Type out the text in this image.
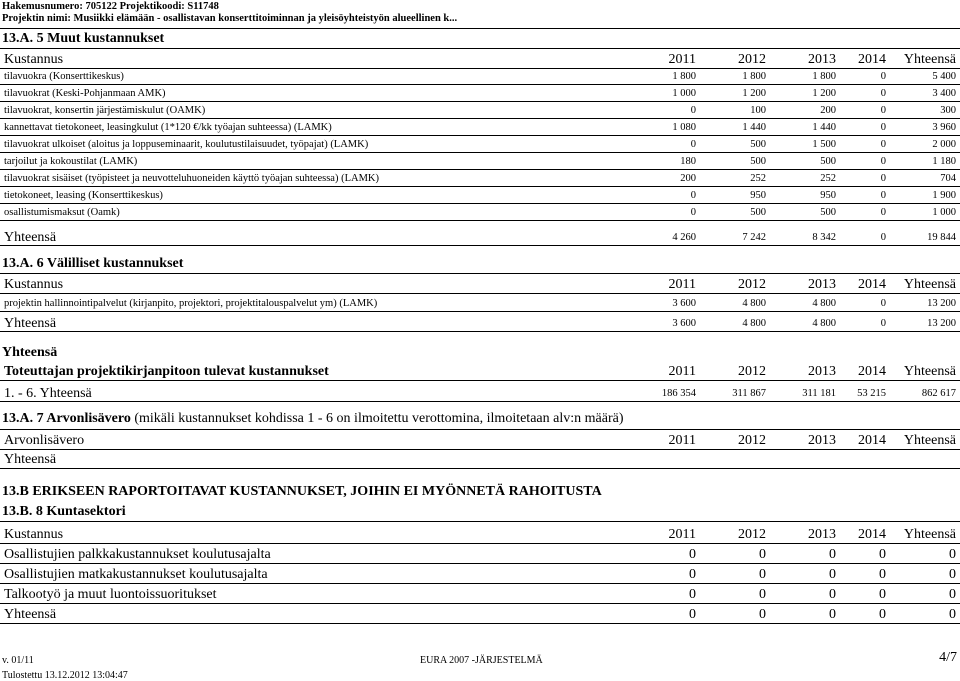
Hakemusnumero: 705122 Projektikoodi: S11748
Projektin nimi: Musiikki elämään - osallistavan konserttitoiminnan ja yleisöyhteistyön alueellinen k...
13.A. 5 Muut kustannukset
Kustannus	2011	2012	2013	2014	Yhteensä
tilavuokra (Konserttikeskus)	1 800	1 800	1 800	0	5 400
tilavuokrat (Keski-Pohjanmaan AMK)	1 000	1 200	1 200	0	3 400
tilavuokrat, konsertin järjestämiskulut (OAMK)	0	100	200	0	300
kannettavat tietokoneet, leasingkulut (1*120 €/kk työajan suhteessa) (LAMK)	1 080	1 440	1 440	0	3 960
tilavuokrat ulkoiset (aloitus ja loppuseminaarit, koulutustilaisuudet, työpajat) (LAMK)	0	500	1 500	0	2 000
tarjoilut ja kokoustilat (LAMK)	180	500	500	0	1 180
tilavuokrat sisäiset (työpisteet ja neuvotteluhuoneiden käyttö työajan suhteessa) (LAMK)	200	252	252	0	704
tietokoneet, leasing (Konserttikeskus)	0	950	950	0	1 900
osallistumismaksut (Oamk)	0	500	500	0	1 000
Yhteensä	4 260	7 242	8 342	0	19 844
13.A. 6 Välilliset kustannukset
Kustannus	2011	2012	2013	2014	Yhteensä
projektin hallinnointipalvelut (kirjanpito, projektori, projektitalouspalvelut ym) (LAMK)	3 600	4 800	4 800	0	13 200
Yhteensä	3 600	4 800	4 800	0	13 200
Yhteensä
Toteuttajan projektikirjanpitoon tulevat kustannukset	2011	2012	2013	2014	Yhteensä
1. - 6. Yhteensä	186 354	311 867	311 181	53 215	862 617
13.A. 7 Arvonlisävero (mikäli kustannukset kohdissa 1 - 6 on ilmoitettu verottomina, ilmoitetaan alv:n määrä)
Arvonlisävero	2011	2012	2013	2014	Yhteensä
Yhteensä					
13.B ERIKSEEN RAPORTOITAVAT KUSTANNUKSET, JOIHIN EI MYÖNNETÄ RAHOITUSTA
13.B. 8 Kuntasektori
Kustannus	2011	2012	2013	2014	Yhteensä
Osallistujien palkkakustannukset koulutusajalta	0	0	0	0	0
Osallistujien matkakustannukset koulutusajalta	0	0	0	0	0
Talkootyö ja muut luontoissuoritukset	0	0	0	0	0
Yhteensä	0	0	0	0	0
v. 01/11	EURA 2007 -JÄRJESTELMÄ	4/7
Tulostettu 13.12.2012 13:04:47
